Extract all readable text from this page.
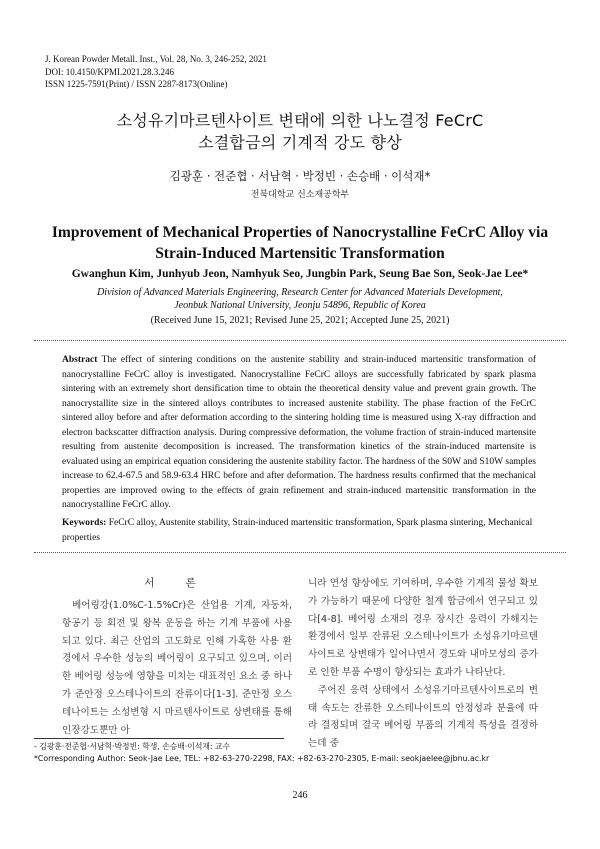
J. Korean Powder Metall. Inst., Vol. 28, No. 3, 246-252, 2021
DOI: 10.4150/KPMI.2021.28.3.246
ISSN 1225-7591(Print) / ISSN 2287-8173(Online)
소성유기마르텐사이트 변태에 의한 나노결정 FeCrC
소결합금의 기계적 강도 향상
김광훈 · 전준협 · 서남혁 · 박정빈 · 손승배 · 이석재*
전북대학교 신소재공학부
Improvement of Mechanical Properties of Nanocrystalline FeCrC Alloy via
Strain-Induced Martensitic Transformation
Gwanghun Kim, Junhyub Jeon, Namhyuk Seo, Jungbin Park, Seung Bae Son, Seok-Jae Lee*
Division of Advanced Materials Engineering, Research Center for Advanced Materials Development,
Jeonbuk National University, Jeonju 54896, Republic of Korea
(Received June 15, 2021; Revised June 25, 2021; Accepted June 25, 2021)
Abstract The effect of sintering conditions on the austenite stability and strain-induced martensitic transformation of nanocrystalline FeCrC alloy is investigated. Nanocrystalline FeCrC alloys are successfully fabricated by spark plasma sintering with an extremely short densification time to obtain the theoretical density value and prevent grain growth. The nanocrystallite size in the sintered alloys contributes to increased austenite stability. The phase fraction of the FeCrC sintered alloy before and after deformation according to the sintering holding time is measured using X-ray diffraction and electron backscatter diffraction analysis. During compressive deformation, the volume fraction of strain-induced martensite resulting from austenite decomposition is increased. The transformation kinetics of the strain-induced martensite is evaluated using an empirical equation considering the austenite stability factor. The hardness of the S0W and S10W samples increase to 62.4-67.5 and 58.9-63.4 HRC before and after deformation. The hardness results confirmed that the mechanical properties are improved owing to the effects of grain refinement and strain-induced martensitic transformation in the nanocrystalline FeCrC alloy.
Keywords: FeCrC alloy, Austenite stability, Strain-induced martensitic transformation, Spark plasma sintering, Mechanical properties
서 론

베어링강(1.0%C-1.5%Cr)은 산업용 기계, 자동차, 항공기 등 회전 및 왕복 운동을 하는 기계 부품에 사용되고 있다. 최근 산업의 고도화로 인해 가혹한 사용 환경에서 우수한 성능의 베어링이 요구되고 있으며, 이러한 베어링 성능에 영향을 미치는 대표적인 요소 중 하나가 준안정 오스테나이트의 잔류이다[1-3]. 준안정 오스테나이트는 소성변형 시 마르텐사이트로 상변태를 통해 인장강도뿐만 아

니라 연성 향상에도 기여하며, 우수한 기계적 물성 확보가 가능하기 때문에 다양한 철계 합금에서 연구되고 있다[4-8]. 베어링 소재의 경우 장시간 응력이 가해지는 환경에서 일부 잔류된 오스테나이트가 소성유기마르텐사이트로 상변태가 일어나면서 경도와 내마모성의 증가로 인한 부품 수명이 향상되는 효과가 나타난다.

주어진 응력 상태에서 소성유기마르텐사이트로의 변태 속도는 잔류한 오스테나이트의 안정성과 분율에 따라 결정되며 결국 베어링 부품의 기계적 특성을 결정하는데 중

- 김광훈·전준협·서남혁·박정빈: 학생, 손승배·이석재: 교수
*Corresponding Author: Seok-Jae Lee, TEL: +82-63-270-2298, FAX: +82-63-270-2305, E-mail: seokjaelee@jbnu.ac.kr
246
